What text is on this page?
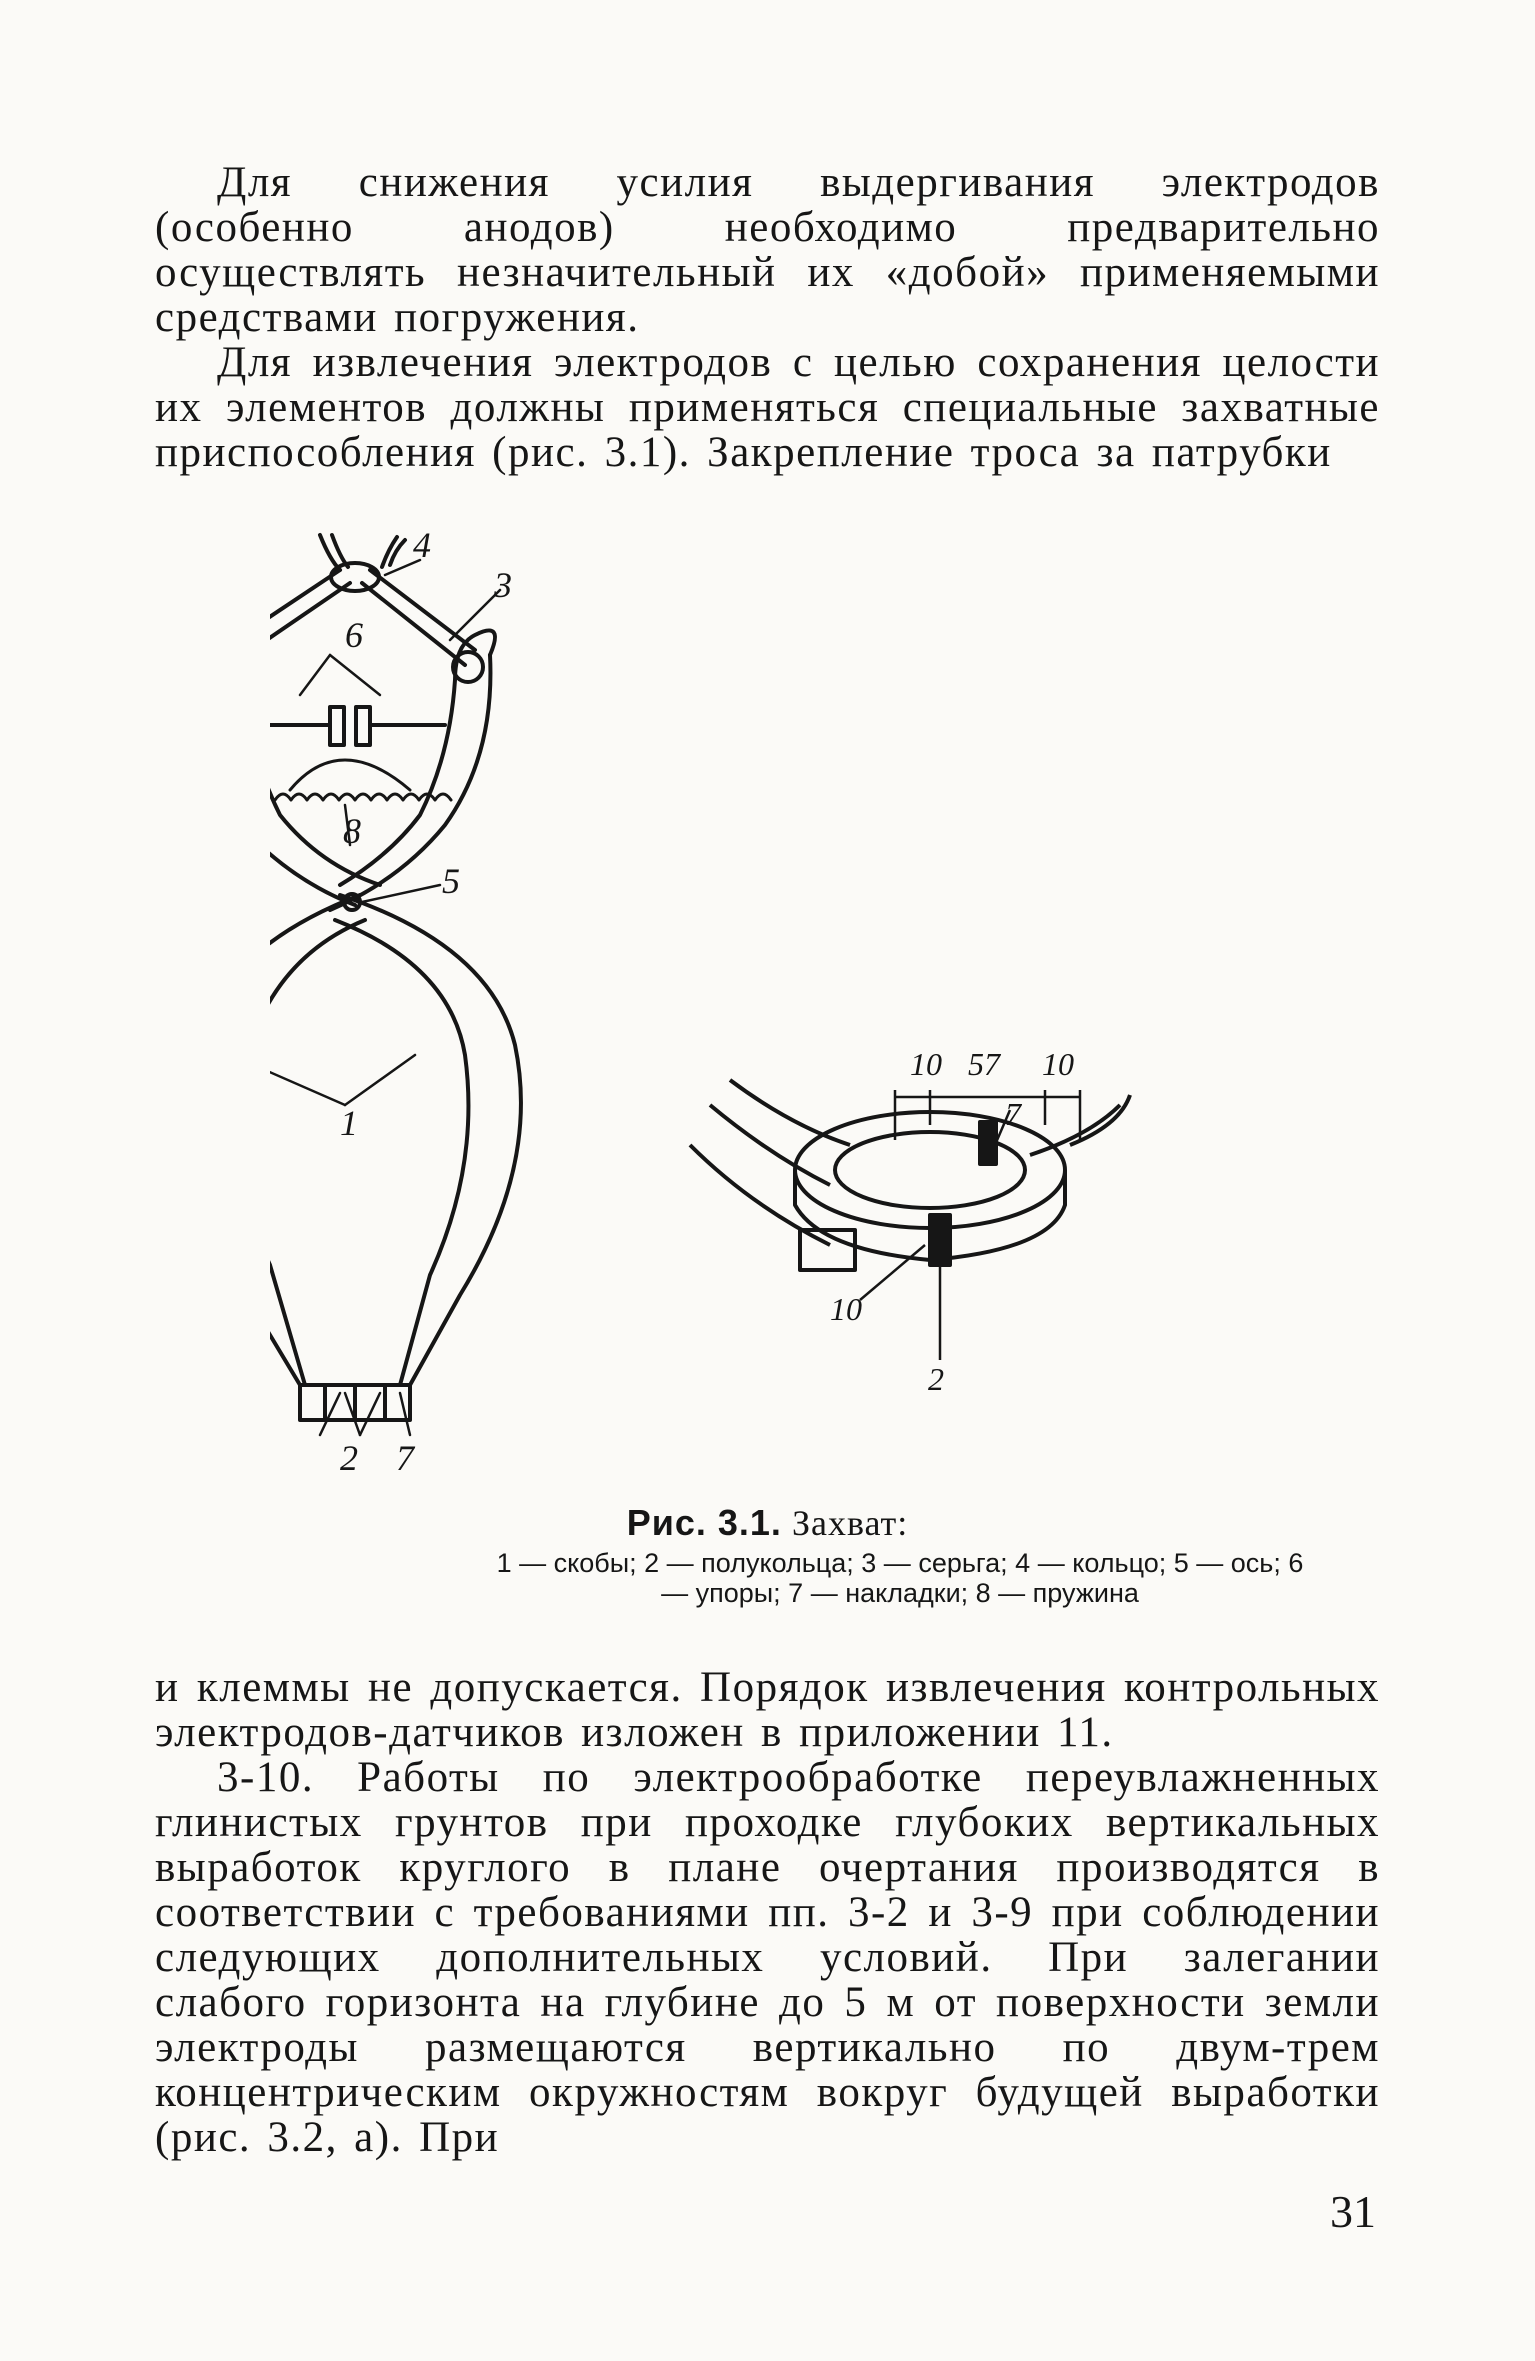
Для снижения усилия выдергивания электродов (особенно анодов) необходимо предварительно осуществлять незначительный их «добой» применяемыми средствами погружения.

Для извлечения электродов с целью сохранения целости их элементов должны применяться специальные захватные приспособления (рис. 3.1). Закрепление троса за патрубки

4
3
6
8
5
1
2 7
10 57 10
7
10
2
Рис. 3.1. Захват:
1 — скобы; 2 — полукольца; 3 — серьга; 4 — кольцо; 5 — ось; 6 — упоры; 7 — накладки; 8 — пружина

и клеммы не допускается. Порядок извлечения контрольных электродов-датчиков изложен в приложении 11.

3-10. Работы по электрообработке переувлажненных глинистых грунтов при проходке глубоких вертикальных выработок круглого в плане очертания производятся в соответствии с требованиями пп. 3-2 и 3-9 при соблюдении следующих дополнительных условий. При залегании слабого горизонта на глубине до 5 м от поверхности земли электроды размещаются вертикально по двум-трем концентрическим окружностям вокруг будущей выработки (рис. 3.2, а). При

31
